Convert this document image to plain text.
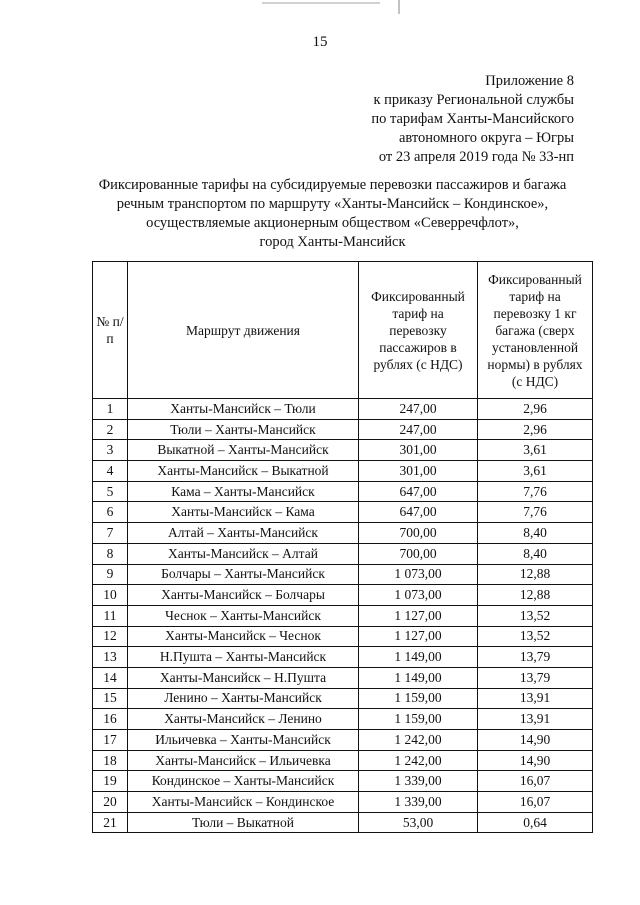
15
Приложение 8
к приказу Региональной службы
по тарифам Ханты-Мансийского
автономного округа – Югры
от 23 апреля 2019 года № 33-нп
Фиксированные тарифы на субсидируемые перевозки пассажиров и багажа
речным транспортом по маршруту «Ханты-Мансийск – Кондинское»,
осуществляемые акционерным обществом «Северречфлот»,
город Ханты-Мансийск
№ п/п	Маршрут движения	Фиксированный тариф на перевозку пассажиров в рублях (с НДС)	Фиксированный тариф на перевозку 1 кг багажа (сверх установленной нормы) в рублях (с НДС)

1	Ханты-Мансийск – Тюли	247,00	2,96
2	Тюли – Ханты-Мансийск	247,00	2,96
3	Выкатной – Ханты-Мансийск	301,00	3,61
4	Ханты-Мансийск – Выкатной	301,00	3,61
5	Кама – Ханты-Мансийск	647,00	7,76
6	Ханты-Мансийск – Кама	647,00	7,76
7	Алтай – Ханты-Мансийск	700,00	8,40
8	Ханты-Мансийск – Алтай	700,00	8,40
9	Болчары – Ханты-Мансийск	1 073,00	12,88
10	Ханты-Мансийск – Болчары	1 073,00	12,88
11	Чеснок – Ханты-Мансийск	1 127,00	13,52
12	Ханты-Мансийск – Чеснок	1 127,00	13,52
13	Н.Пушта – Ханты-Мансийск	1 149,00	13,79
14	Ханты-Мансийск – Н.Пушта	1 149,00	13,79
15	Ленино – Ханты-Мансийск	1 159,00	13,91
16	Ханты-Мансийск – Ленино	1 159,00	13,91
17	Ильичевка – Ханты-Мансийск	1 242,00	14,90
18	Ханты-Мансийск – Ильичевка	1 242,00	14,90
19	Кондинское – Ханты-Мансийск	1 339,00	16,07
20	Ханты-Мансийск – Кондинское	1 339,00	16,07
21	Тюли – Выкатной	53,00	0,64
